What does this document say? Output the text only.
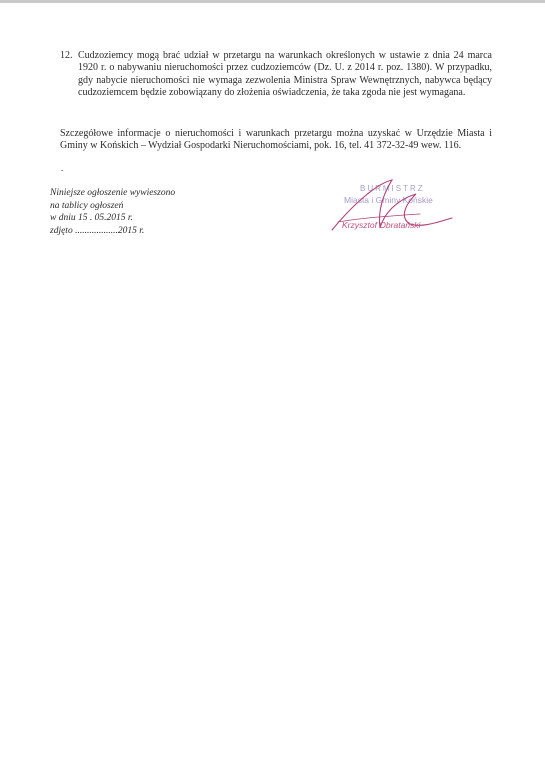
12. Cudzoziemcy mogą brać udział w przetargu na warunkach określonych w ustawie z dnia 24 marca 1920 r. o nabywaniu nieruchomości przez cudzoziemców (Dz. U. z 2014 r. poz. 1380). W przypadku, gdy nabycie nieruchomości nie wymaga zezwolenia Ministra Spraw Wewnętrznych, nabywca będący cudzoziemcem będzie zobowiązany do złożenia oświadczenia, że taka zgoda nie jest wymagana.
Szczegółowe informacje o nieruchomości i warunkach przetargu można uzyskać w Urzędzie Miasta i Gminy w Końskich – Wydział Gospodarki Nieruchomościami, pok. 16, tel. 41 372-32-49 wew. 116.
.
Niniejsze ogłoszenie wywieszono
na tablicy ogłoszeń
w dniu 15 . 05.2015 r.
zdjęto ..................2015 r.
BURMISTRZ
Miasta i Gminy Końskie
Krzysztof Obratański
